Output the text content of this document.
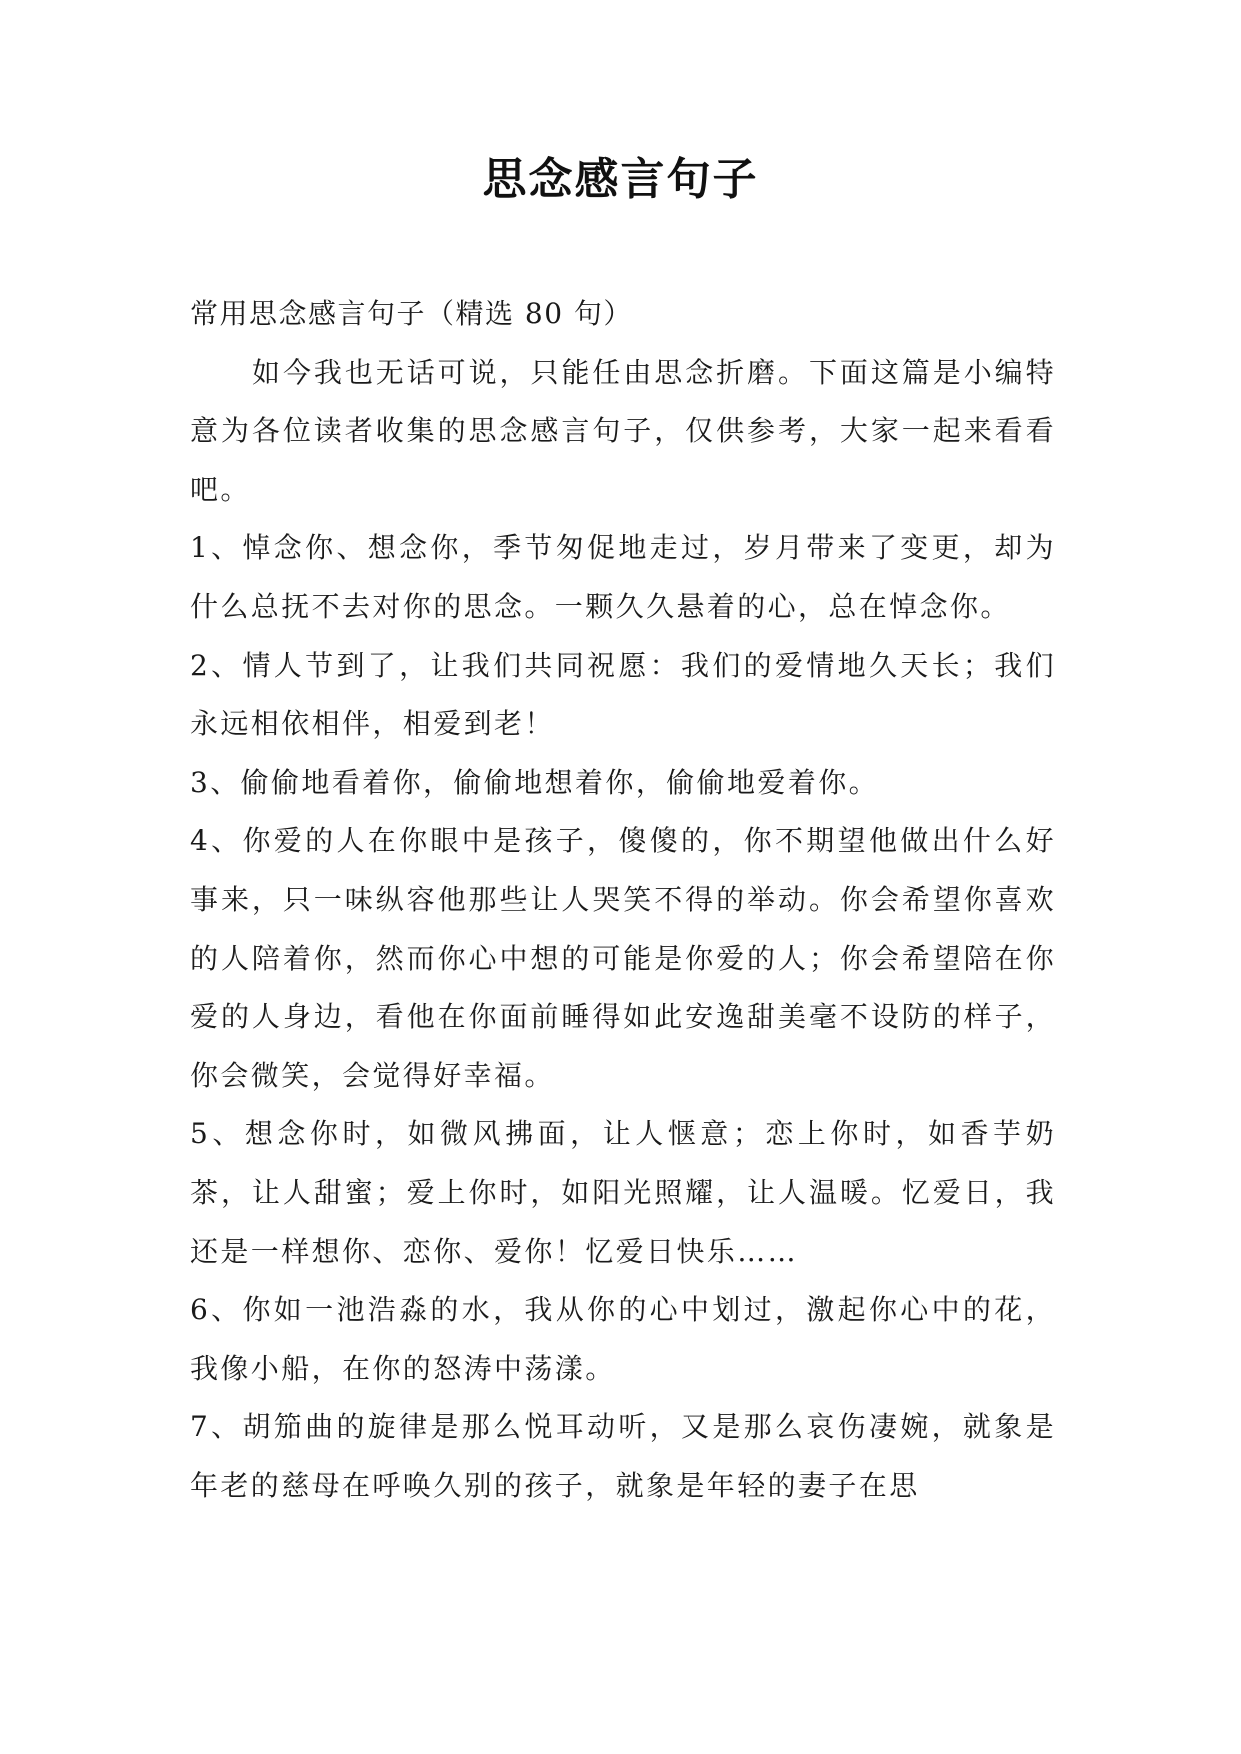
思念感言句子

常用思念感言句子（精选 80 句）

如今我也无话可说，只能任由思念折磨。下面这篇是小编特意为各位读者收集的思念感言句子，仅供参考，大家一起来看看吧。

1、悼念你、想念你，季节匆促地走过，岁月带来了变更，却为什么总抚不去对你的思念。一颗久久悬着的心，总在悼念你。

2、情人节到了，让我们共同祝愿：我们的爱情地久天长；我们永远相依相伴，相爱到老！

3、偷偷地看着你，偷偷地想着你，偷偷地爱着你。

4、你爱的人在你眼中是孩子，傻傻的，你不期望他做出什么好事来，只一味纵容他那些让人哭笑不得的举动。你会希望你喜欢的人陪着你，然而你心中想的可能是你爱的人；你会希望陪在你爱的人身边，看他在你面前睡得如此安逸甜美毫不设防的样子，你会微笑，会觉得好幸福。

5、想念你时，如微风拂面，让人惬意；恋上你时，如香芋奶茶，让人甜蜜；爱上你时，如阳光照耀，让人温暖。忆爱日，我还是一样想你、恋你、爱你！忆爱日快乐……

6、你如一池浩淼的水，我从你的心中划过，激起你心中的花，我像小船，在你的怒涛中荡漾。

7、胡笳曲的旋律是那么悦耳动听，又是那么哀伤凄婉，就象是年老的慈母在呼唤久别的孩子，就象是年轻的妻子在思
